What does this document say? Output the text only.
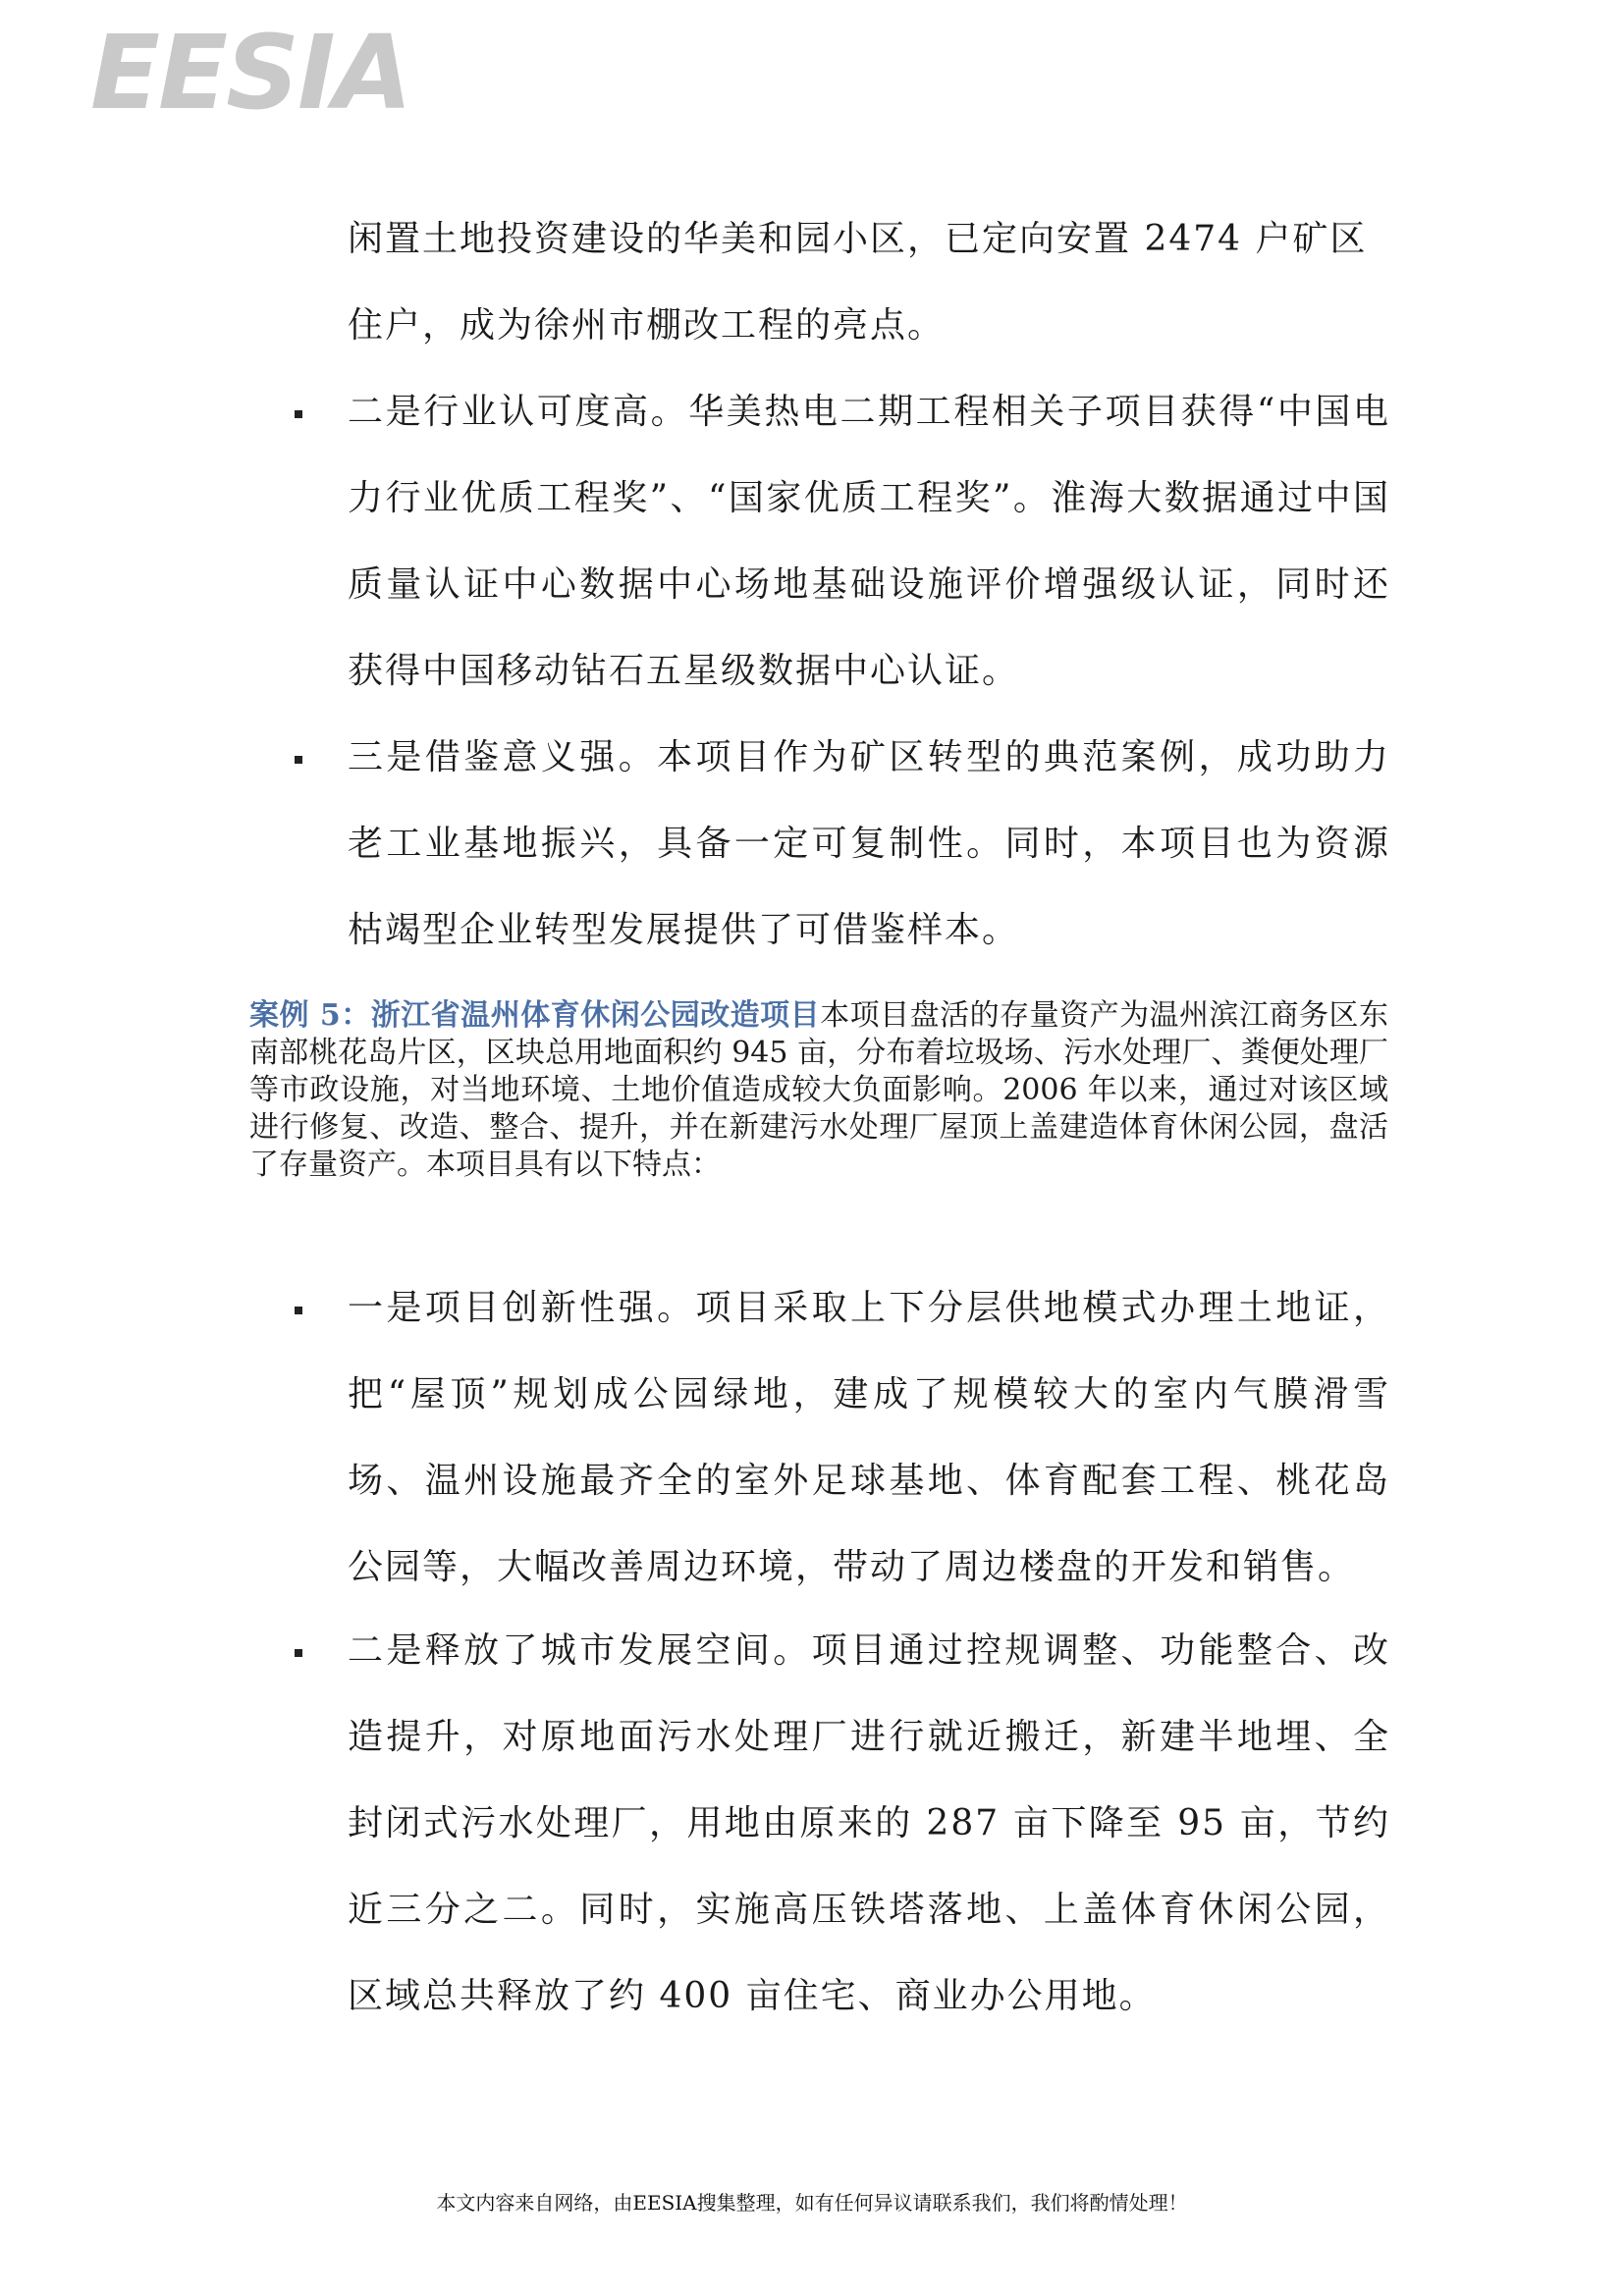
EESIA
闲置土地投资建设的华美和园小区，已定向安置 2474 户矿区住户，成为徐州市棚改工程的亮点。
二是行业认可度高。华美热电二期工程相关子项目获得“中国电力行业优质工程奖”、“国家优质工程奖”。淮海大数据通过中国质量认证中心数据中心场地基础设施评价增强级认证，同时还获得中国移动钻石五星级数据中心认证。
三是借鉴意义强。本项目作为矿区转型的典范案例，成功助力老工业基地振兴，具备一定可复制性。同时，本项目也为资源枯竭型企业转型发展提供了可借鉴样本。
案例 5：浙江省温州体育休闲公园改造项目本项目盘活的存量资产为温州滨江商务区东南部桃花岛片区，区块总用地面积约 945 亩，分布着垃圾场、污水处理厂、粪便处理厂等市政设施，对当地环境、土地价值造成较大负面影响。2006 年以来，通过对该区域进行修复、改造、整合、提升，并在新建污水处理厂屋顶上盖建造体育休闲公园，盘活了存量资产。本项目具有以下特点：
一是项目创新性强。项目采取上下分层供地模式办理土地证，把“屋顶”规划成公园绿地，建成了规模较大的室内气膜滑雪场、温州设施最齐全的室外足球基地、体育配套工程、桃花岛公园等，大幅改善周边环境，带动了周边楼盘的开发和销售。
二是释放了城市发展空间。项目通过控规调整、功能整合、改造提升，对原地面污水处理厂进行就近搬迁，新建半地埋、全封闭式污水处理厂，用地由原来的 287 亩下降至 95 亩，节约近三分之二。同时，实施高压铁塔落地、上盖体育休闲公园，区域总共释放了约 400 亩住宅、商业办公用地。
本文内容来自网络，由EESIA搜集整理，如有任何异议请联系我们，我们将酌情处理！
